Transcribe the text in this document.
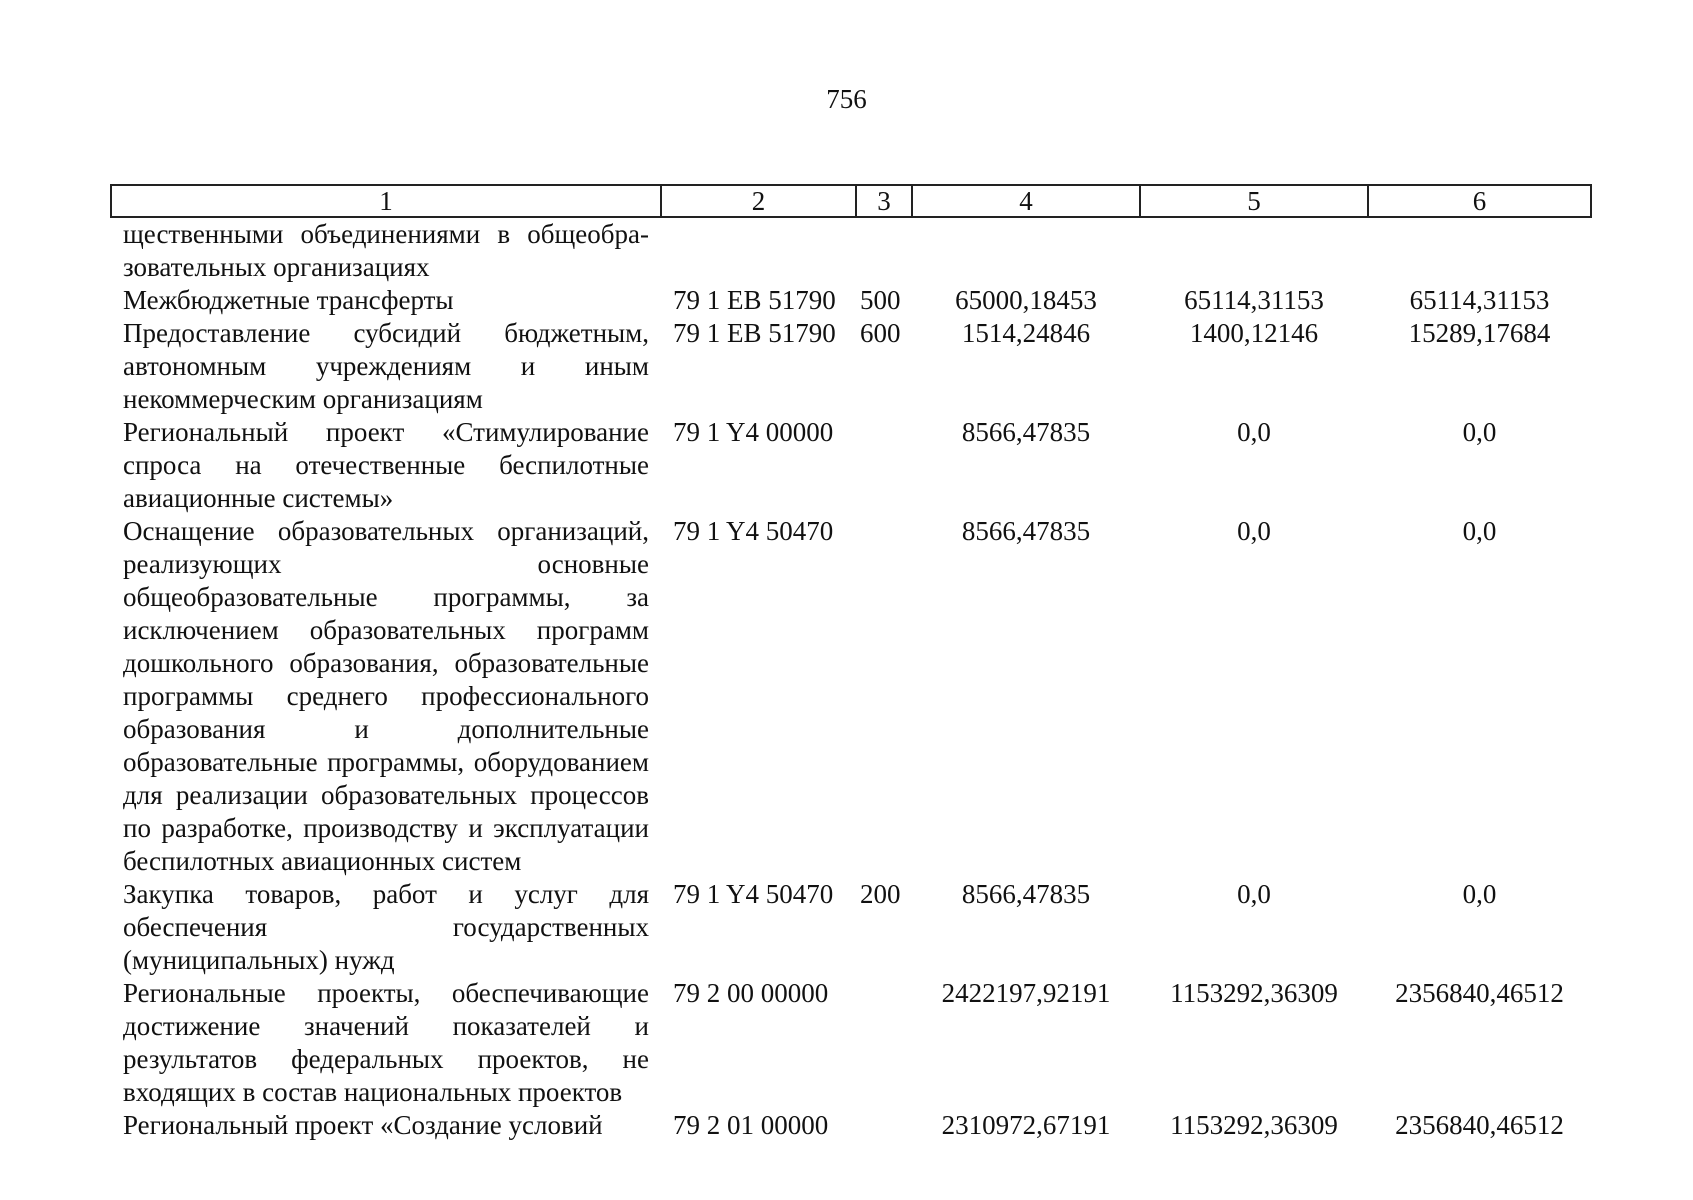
756
1	2	3	4	5	6
щественными объединениями в общеобразовательных организациях					
Межбюджетные трансферты	79 1 EB 51790	500	65000,18453	65114,31153	65114,31153
Предоставление субсидий бюджетным, автономным учреждениям и иным некоммерческим организациям	79 1 EB 51790	600	1514,24846	1400,12146	15289,17684
Региональный проект «Стимулирование спроса на отечественные беспилотные авиационные системы»	79 1 Y4 00000		8566,47835	0,0	0,0
Оснащение образовательных организаций, реализующих основные общеобразовательные программы, за исключением образовательных программ дошкольного образования, образовательные программы среднего профессионального образования и дополнительные образовательные программы, оборудованием для реализации образовательных процессов по разработке, производству и эксплуатации беспилотных авиационных систем	79 1 Y4 50470		8566,47835	0,0	0,0
Закупка товаров, работ и услуг для обеспечения государственных (муниципальных) нужд	79 1 Y4 50470	200	8566,47835	0,0	0,0
Региональные проекты, обеспечивающие достижение значений показателей и результатов федеральных проектов, не входящих в состав национальных проектов	79 2 00 00000		2422197,92191	1153292,36309	2356840,46512
Региональный проект «Создание условий	79 2 01 00000		2310972,67191	1153292,36309	2356840,46512
